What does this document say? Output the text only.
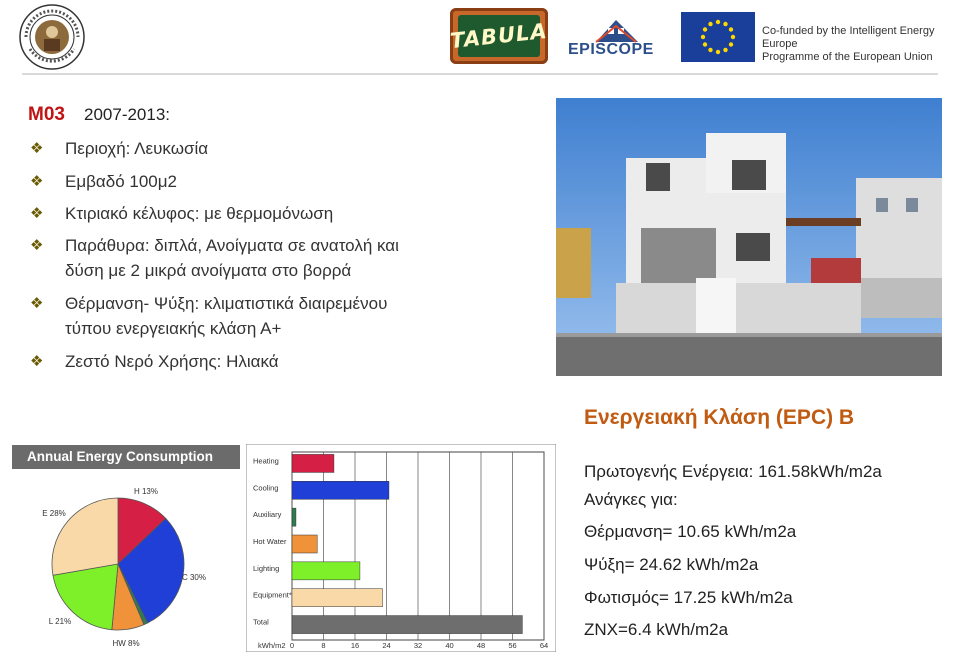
TABULA EPISCOPE
Co-funded by the Intelligent Energy Europe
Programme of the European Union
M03 2007-2013:
❖ Περιοχή: Λευκωσία
❖ Εμβαδό 100μ2
❖ Κτιριακό κέλυφος: με θερμομόνωση
❖ Παράθυρα: διπλά, Ανοίγματα σε ανατολή και
δύση με 2 μικρά ανοίγματα στο βορρά
❖ Θέρμανση- Ψύξη: κλιματιστικά διαιρεμένου
τύπου ενεργειακής κλάση Α+
❖ Ζεστό Νερό Χρήσης: Ηλιακά
Ενεργειακή Κλάση (EPC) B
Πρωτογενής Ενέργεια: 161.58kWh/m2a
Ανάγκες για:
Θέρμανση= 10.65 kWh/m2a
Ψύξη= 24.62 kWh/m2a
Φωτισμός= 17.25 kWh/m2a
ZNX=6.4 kWh/m2a
Annual Energy Consumption
H 13%
C 30%
HW 8%
L 21%
E 28%
0	8	16	24	32	40	48	56	64
kWh/m2
Heating
Cooling
Auxiliary
Hot Water
Lighting
Equipment*
Total
